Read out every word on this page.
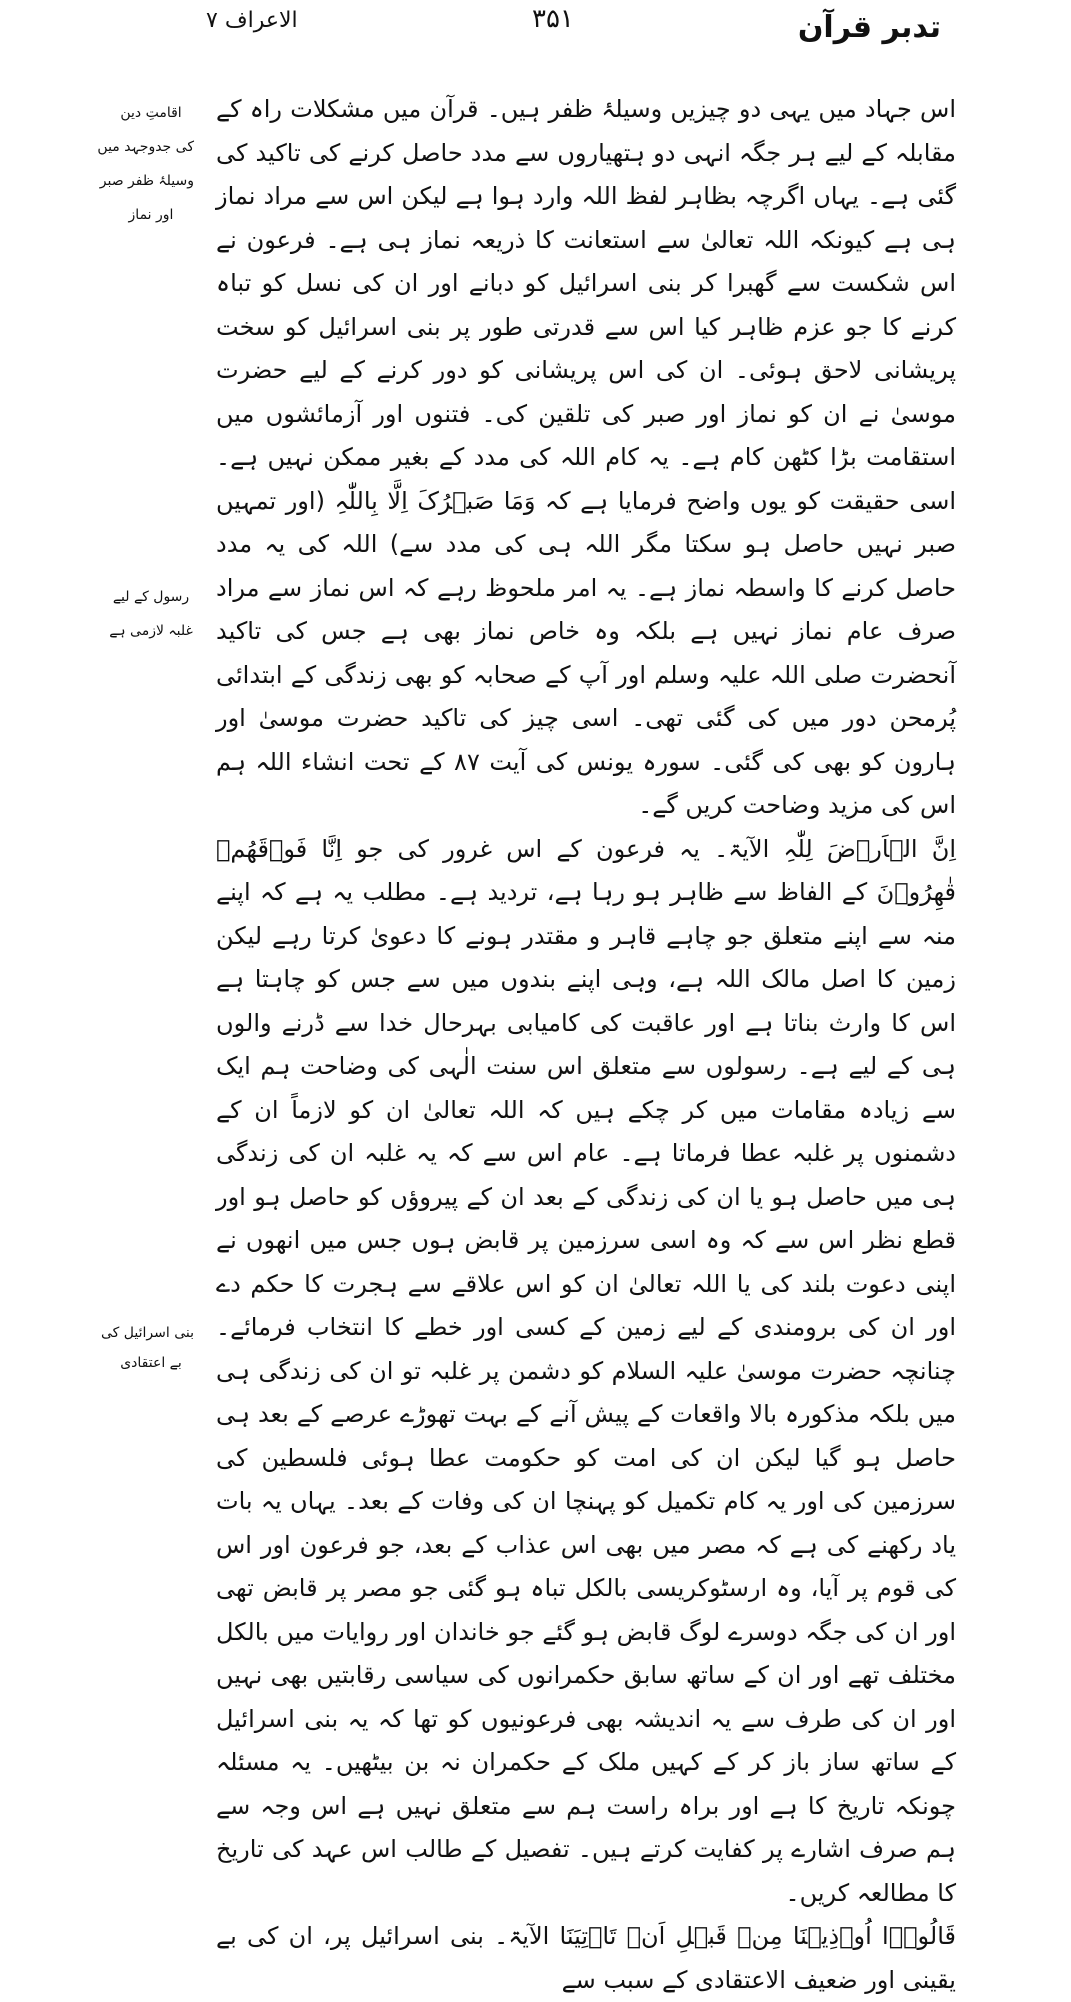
الاعراف ۷	۳۵۱	تدبر قرآن
اقامتِ دین
کی جدوجہد میں
وسیلۂ ظفر صبر
اور نماز
رسول کے لیے
غلبہ لازمی ہے
بنی اسرائیل کی
بے اعتقادی

اس جہاد میں یہی دو چیزیں وسیلۂ ظفر ہیں۔ قرآن میں مشکلات راہ کے مقابلہ کے لیے ہر جگہ انہی دو ہتھیاروں سے مدد حاصل کرنے کی تاکید کی گئی ہے۔ یہاں اگرچہ بظاہر لفظ اللہ وارد ہوا ہے لیکن اس سے مراد نماز ہی ہے کیونکہ اللہ تعالیٰ سے استعانت کا ذریعہ نماز ہی ہے۔ فرعون نے اس شکست سے گھبرا کر بنی اسرائیل کو دبانے اور ان کی نسل کو تباہ کرنے کا جو عزم ظاہر کیا اس سے قدرتی طور پر بنی اسرائیل کو سخت پریشانی لاحق ہوئی۔ ان کی اس پریشانی کو دور کرنے کے لیے حضرت موسیٰ نے ان کو نماز اور صبر کی تلقین کی۔ فتنوں اور آزمائشوں میں استقامت بڑا کٹھن کام ہے۔ یہ کام اللہ کی مدد کے بغیر ممکن نہیں ہے۔ اسی حقیقت کو یوں واضح فرمایا ہے کہ وَمَا صَبۡرُکَ اِلَّا بِاللّٰہِ (اور تمہیں صبر نہیں حاصل ہو سکتا مگر اللہ ہی کی مدد سے) اللہ کی یہ مدد حاصل کرنے کا واسطہ نماز ہے۔ یہ امر ملحوظ رہے کہ اس نماز سے مراد صرف عام نماز نہیں ہے بلکہ وہ خاص نماز بھی ہے جس کی تاکید آنحضرت صلی اللہ علیہ وسلم اور آپ کے صحابہ کو بھی زندگی کے ابتدائی پُرمحن دور میں کی گئی تھی۔ اسی چیز کی تاکید حضرت موسیٰ اور ہارون کو بھی کی گئی۔ سورہ یونس کی آیت ۸۷ کے تحت انشاء اللہ ہم اس کی مزید وضاحت کریں گے۔

اِنَّ الۡاَرۡضَ لِلّٰہِ الآیۃ۔ یہ فرعون کے اس غرور کی جو اِنَّا فَوۡقَهُمۡ قٰهِرُوۡنَ کے الفاظ سے ظاہر ہو رہا ہے، تردید ہے۔ مطلب یہ ہے کہ اپنے منہ سے اپنے متعلق جو چاہے قاہر و مقتدر ہونے کا دعویٰ کرتا رہے لیکن زمین کا اصل مالک اللہ ہے، وہی اپنے بندوں میں سے جس کو چاہتا ہے اس کا وارث بناتا ہے اور عاقبت کی کامیابی بہرحال خدا سے ڈرنے والوں ہی کے لیے ہے۔ رسولوں سے متعلق اس سنت الٰہی کی وضاحت ہم ایک سے زیادہ مقامات میں کر چکے ہیں کہ اللہ تعالیٰ ان کو لازماً ان کے دشمنوں پر غلبہ عطا فرماتا ہے۔ عام اس سے کہ یہ غلبہ ان کی زندگی ہی میں حاصل ہو یا ان کی زندگی کے بعد ان کے پیروؤں کو حاصل ہو اور قطع نظر اس سے کہ وہ اسی سرزمین پر قابض ہوں جس میں انھوں نے اپنی دعوت بلند کی یا اللہ تعالیٰ ان کو اس علاقے سے ہجرت کا حکم دے اور ان کی برومندی کے لیے زمین کے کسی اور خطے کا انتخاب فرمائے۔ چنانچہ حضرت موسیٰ علیہ السلام کو دشمن پر غلبہ تو ان کی زندگی ہی میں بلکہ مذکورہ بالا واقعات کے پیش آنے کے بہت تھوڑے عرصے کے بعد ہی حاصل ہو گیا لیکن ان کی امت کو حکومت عطا ہوئی فلسطین کی سرزمین کی اور یہ کام تکمیل کو پہنچا ان کی وفات کے بعد۔ یہاں یہ بات یاد رکھنے کی ہے کہ مصر میں بھی اس عذاب کے بعد، جو فرعون اور اس کی قوم پر آیا، وہ ارسٹوکریسی بالکل تباہ ہو گئی جو مصر پر قابض تھی اور ان کی جگہ دوسرے لوگ قابض ہو گئے جو خاندان اور روایات میں بالکل مختلف تھے اور ان کے ساتھ سابق حکمرانوں کی سیاسی رقابتیں بھی نہیں اور ان کی طرف سے یہ اندیشہ بھی فرعونیوں کو تھا کہ یہ بنی اسرائیل کے ساتھ ساز باز کر کے کہیں ملک کے حکمران نہ بن بیٹھیں۔ یہ مسئلہ چونکہ تاریخ کا ہے اور براہ راست ہم سے متعلق نہیں ہے اس وجہ سے ہم صرف اشارے پر کفایت کرتے ہیں۔ تفصیل کے طالب اس عہد کی تاریخ کا مطالعہ کریں۔

قَالُوۡۤا اُوۡذِیۡنَا مِنۡ قَبۡلِ اَنۡ تَاۡتِیَنَا الآیۃ۔ بنی اسرائیل پر، ان کی بے یقینی اور ضعیف الاعتقادی کے سبب سے
